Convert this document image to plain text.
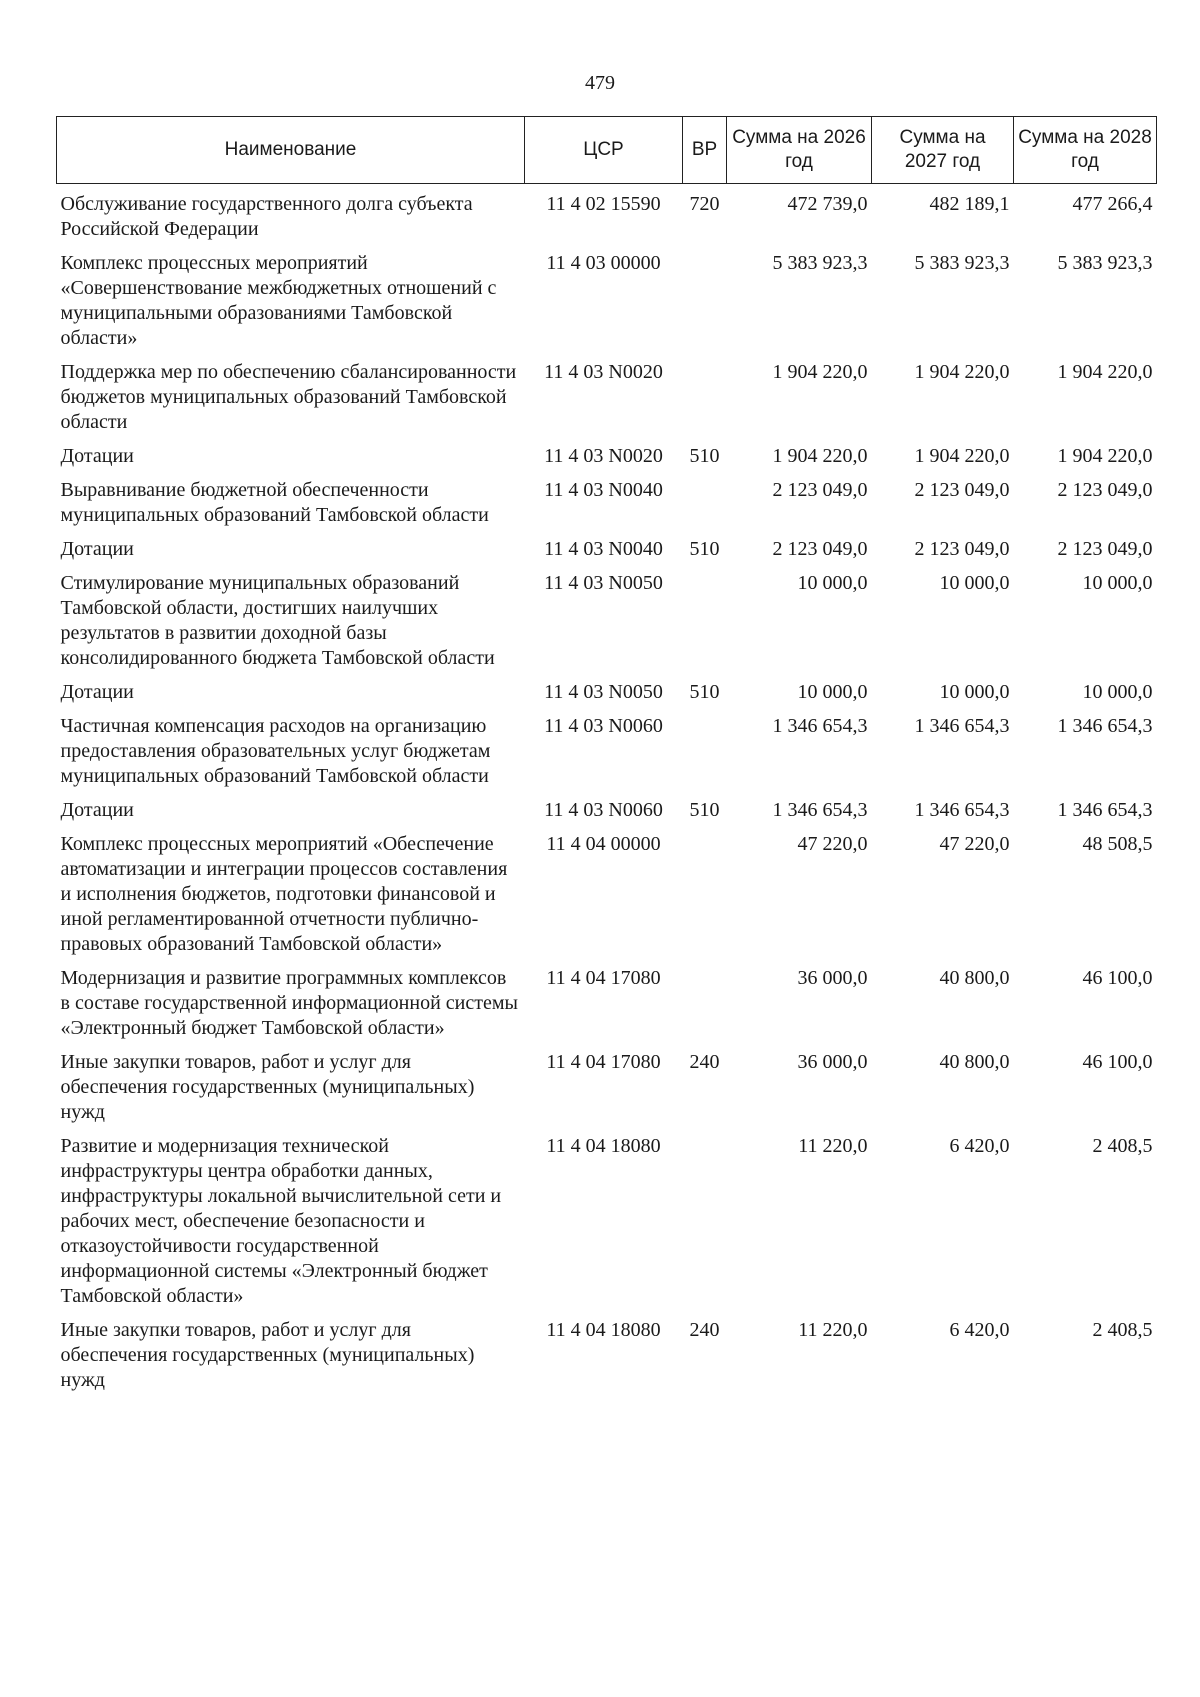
479
Наименование	ЦСР	ВР	Сумма на 2026 год	Сумма на 2027 год	Сумма на 2028 год
Обслуживание государственного долга субъекта Российской Федерации	11 4 02 15590	720	472 739,0	482 189,1	477 266,4
Комплекс процессных мероприятий «Совершенствование межбюджетных отношений с муниципальными образованиями Тамбовской области»	11 4 03 00000		5 383 923,3	5 383 923,3	5 383 923,3
Поддержка мер по обеспечению сбалансированности бюджетов муниципальных образований Тамбовской области	11 4 03 N0020		1 904 220,0	1 904 220,0	1 904 220,0
Дотации	11 4 03 N0020	510	1 904 220,0	1 904 220,0	1 904 220,0
Выравнивание бюджетной обеспеченности муниципальных образований Тамбовской области	11 4 03 N0040		2 123 049,0	2 123 049,0	2 123 049,0
Дотации	11 4 03 N0040	510	2 123 049,0	2 123 049,0	2 123 049,0
Стимулирование муниципальных образований Тамбовской области, достигших наилучших результатов в развитии доходной базы консолидированного бюджета Тамбовской области	11 4 03 N0050		10 000,0	10 000,0	10 000,0
Дотации	11 4 03 N0050	510	10 000,0	10 000,0	10 000,0
Частичная компенсация расходов на организацию предоставления образовательных услуг бюджетам муниципальных образований Тамбовской области	11 4 03 N0060		1 346 654,3	1 346 654,3	1 346 654,3
Дотации	11 4 03 N0060	510	1 346 654,3	1 346 654,3	1 346 654,3
Комплекс процессных мероприятий «Обеспечение автоматизации и интеграции процессов составления и исполнения бюджетов, подготовки финансовой и иной регламентированной отчетности публично-правовых образований Тамбовской области»	11 4 04 00000		47 220,0	47 220,0	48 508,5
Модернизация и развитие программных комплексов в составе государственной информационной системы «Электронный бюджет Тамбовской области»	11 4 04 17080		36 000,0	40 800,0	46 100,0
Иные закупки товаров, работ и услуг для обеспечения государственных (муниципальных) нужд	11 4 04 17080	240	36 000,0	40 800,0	46 100,0
Развитие и модернизация технической инфраструктуры центра обработки данных, инфраструктуры локальной вычислительной сети и рабочих мест, обеспечение безопасности и отказоустойчивости государственной информационной системы «Электронный бюджет Тамбовской области»	11 4 04 18080		11 220,0	6 420,0	2 408,5
Иные закупки товаров, работ и услуг для обеспечения государственных (муниципальных) нужд	11 4 04 18080	240	11 220,0	6 420,0	2 408,5
